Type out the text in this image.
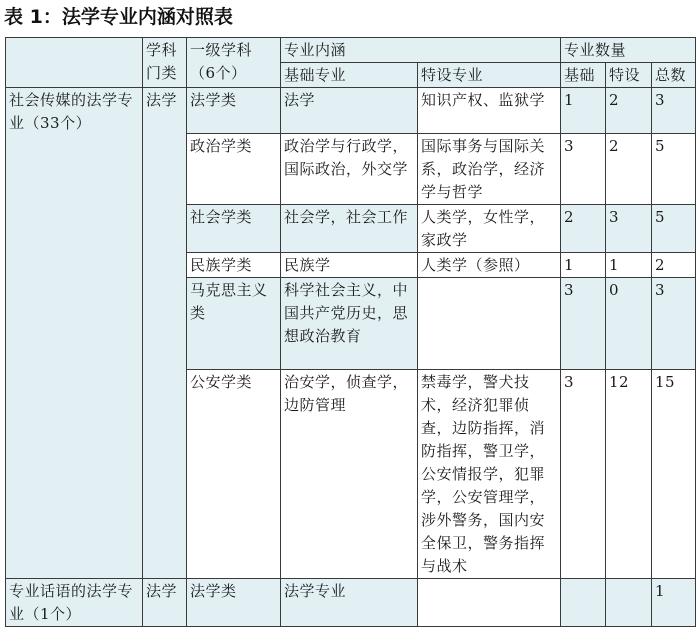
表 1：法学专业内涵对照表
	学科门类	一级学科（6个）	专业内涵		专业数量		
			基础专业	特设专业	基础	特设	总数
社会传媒的法学专业（33个）	法学	法学类	法学	知识产权、监狱学	1	2	3
		政治学类	政治学与行政学，国际政治，外交学	国际事务与国际关系，政治学，经济学与哲学	3	2	5
		社会学类	社会学，社会工作	人类学，女性学，家政学	2	3	5
		民族学类	民族学	人类学（参照）	1	1	2
		马克思主义类	科学社会主义，中国共产党历史，思想政治教育		3	0	3
		公安学类	治安学，侦查学，边防管理	禁毒学，警犬技术，经济犯罪侦查，边防指挥，消防指挥，警卫学，公安情报学，犯罪学，公安管理学，涉外警务，国内安全保卫，警务指挥与战术	3	12	15
专业话语的法学专业（1个）	法学	法学类	法学专业				1
